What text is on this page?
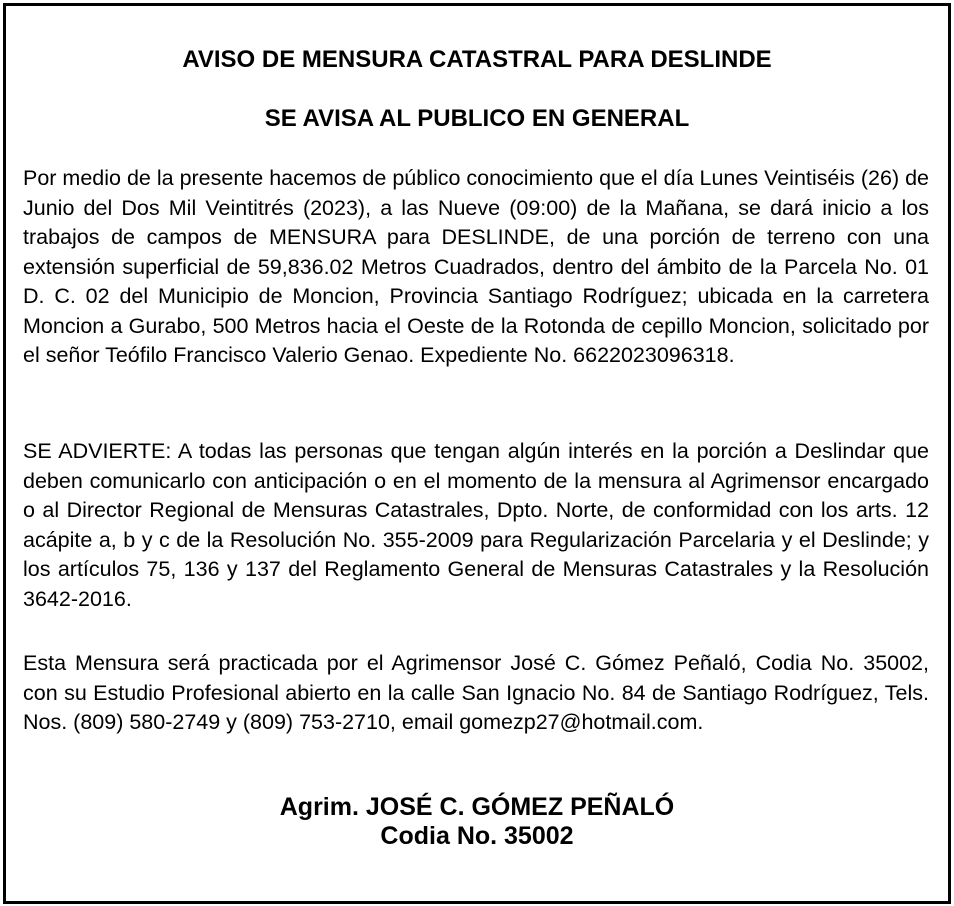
AVISO DE MENSURA CATASTRAL PARA DESLINDE
SE AVISA AL PUBLICO EN GENERAL

Por medio de la presente hacemos de público conocimiento que el día Lunes Veintiséis (26) de Junio del Dos Mil Veintitrés (2023), a las Nueve (09:00) de la Mañana, se dará inicio a los trabajos de campos de MENSURA para DESLINDE, de una porción de terreno con una extensión superficial de 59,836.02 Metros Cuadrados, dentro del ámbito de la Parcela No. 01 D. C. 02 del Municipio de Moncion, Provincia Santiago Rodríguez; ubicada en la carretera Moncion a Gurabo, 500 Metros hacia el Oeste de la Rotonda de cepillo Moncion, solicitado por el señor Teófilo Francisco Valerio Genao. Expediente No. 6622023096318.

SE ADVIERTE: A todas las personas que tengan algún interés en la porción a Deslindar que deben comunicarlo con anticipación o en el momento de la mensura al Agrimensor encargado o al Director Regional de Mensuras Catastrales, Dpto. Norte, de conformidad con los arts. 12 acápite a, b y c de la Resolución No. 355-2009 para Regularización Parcelaria y el Deslinde; y los artículos 75, 136 y 137 del Reglamento General de Mensuras Catastrales y la Resolución 3642-2016.

Esta Mensura será practicada por el Agrimensor José C. Gómez Peñaló, Codia No. 35002, con su Estudio Profesional abierto en la calle San Ignacio No. 84 de Santiago Rodríguez, Tels. Nos. (809) 580-2749 y (809) 753-2710, email gomezp27@hotmail.com.

Agrim. JOSÉ C. GÓMEZ PEÑALÓ

Codia No. 35002
